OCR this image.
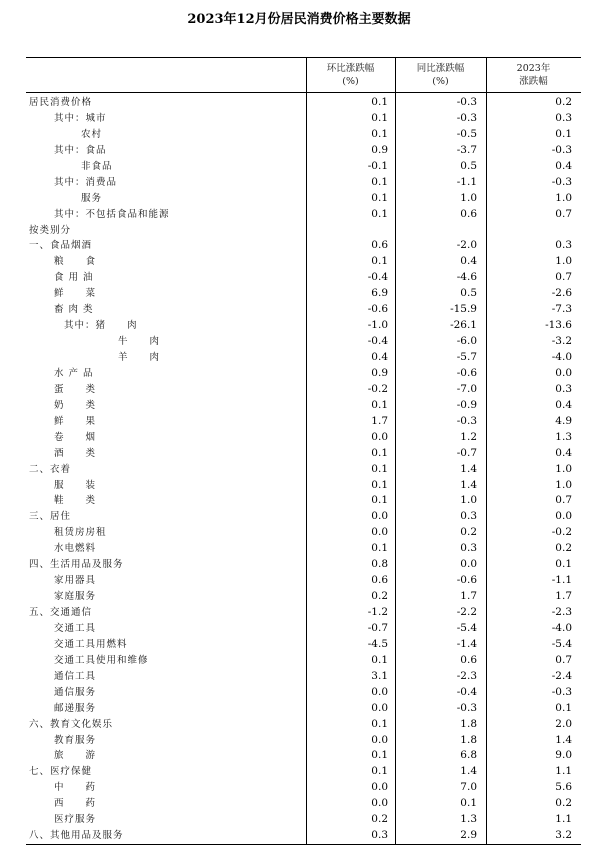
2023年12月份居民消费价格主要数据
环比涨跌幅
(%)
同比涨跌幅
(%)
2023年
涨跌幅
居民消费价格	0.1	-0.3	0.2
其中：城市	0.1	-0.3	0.3
农村	0.1	-0.5	0.1
其中：食品	0.9	-3.7	-0.3
非食品	-0.1	0.5	0.4
其中：消费品	0.1	-1.1	-0.3
服务	0.1	1.0	1.0
其中：不包括食品和能源	0.1	0.6	0.7
按类别分
一、食品烟酒	0.6	-2.0	0.3
粮　　食	0.1	0.4	1.0
食 用 油	-0.4	-4.6	0.7
鲜　　菜	6.9	0.5	-2.6
畜 肉 类	-0.6	-15.9	-7.3
其中：猪　　肉	-1.0	-26.1	-13.6
牛　　肉	-0.4	-6.0	-3.2
羊　　肉	0.4	-5.7	-4.0
水 产 品	0.9	-0.6	0.0
蛋　　类	-0.2	-7.0	0.3
奶　　类	0.1	-0.9	0.4
鲜　　果	1.7	-0.3	4.9
卷　　烟	0.0	1.2	1.3
酒　　类	0.1	-0.7	0.4
二、衣着	0.1	1.4	1.0
服　　装	0.1	1.4	1.0
鞋　　类	0.1	1.0	0.7
三、居住	0.0	0.3	0.0
租赁房房租	0.0	0.2	-0.2
水电燃料	0.1	0.3	0.2
四、生活用品及服务	0.8	0.0	0.1
家用器具	0.6	-0.6	-1.1
家庭服务	0.2	1.7	1.7
五、交通通信	-1.2	-2.2	-2.3
交通工具	-0.7	-5.4	-4.0
交通工具用燃料	-4.5	-1.4	-5.4
交通工具使用和维修	0.1	0.6	0.7
通信工具	3.1	-2.3	-2.4
通信服务	0.0	-0.4	-0.3
邮递服务	0.0	-0.3	0.1
六、教育文化娱乐	0.1	1.8	2.0
教育服务	0.0	1.8	1.4
旅　　游	0.1	6.8	9.0
七、医疗保健	0.1	1.4	1.1
中　　药	0.0	7.0	5.6
西　　药	0.0	0.1	0.2
医疗服务	0.2	1.3	1.1
八、其他用品及服务	0.3	2.9	3.2
